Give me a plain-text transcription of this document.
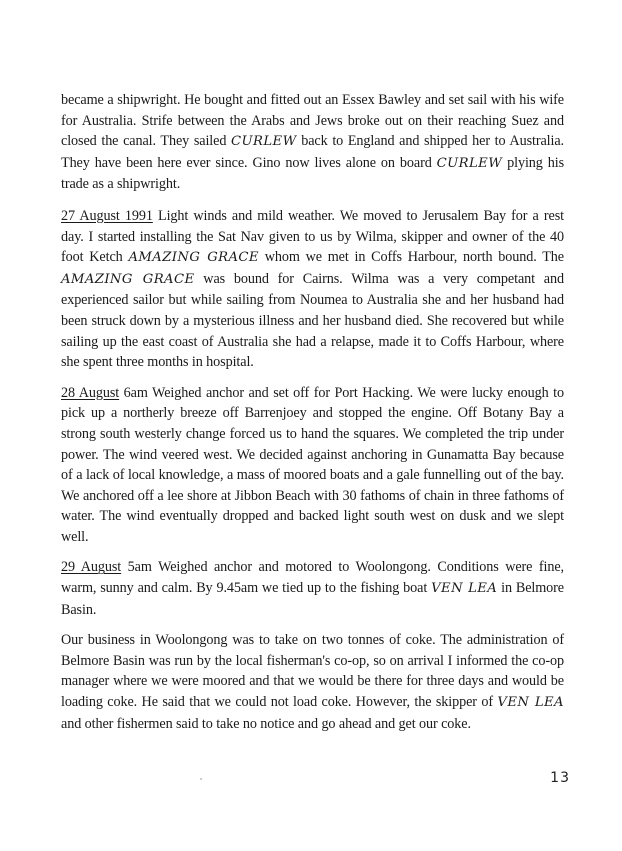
became a shipwright. He bought and fitted out an Essex Bawley and set sail with his wife for Australia. Strife between the Arabs and Jews broke out on their reaching Suez and closed the canal. They sailed CURLEW back to England and shipped her to Australia. They have been here ever since. Gino now lives alone on board CURLEW plying his trade as a shipwright.

27 August 1991 Light winds and mild weather. We moved to Jerusalem Bay for a rest day. I started installing the Sat Nav given to us by Wilma, skipper and owner of the 40 foot Ketch AMAZING GRACE whom we met in Coffs Harbour, north bound. The AMAZING GRACE was bound for Cairns. Wilma was a very competant and experienced sailor but while sailing from Noumea to Australia she and her husband had been struck down by a mysterious illness and her husband died. She recovered but while sailing up the east coast of Australia she had a relapse, made it to Coffs Harbour, where she spent three months in hospital.

28 August 6am Weighed anchor and set off for Port Hacking. We were lucky enough to pick up a northerly breeze off Barrenjoey and stopped the engine. Off Botany Bay a strong south westerly change forced us to hand the squares. We completed the trip under power. The wind veered west. We decided against anchoring in Gunamatta Bay because of a lack of local knowledge, a mass of moored boats and a gale funnelling out of the bay. We anchored off a lee shore at Jibbon Beach with 30 fathoms of chain in three fathoms of water. The wind eventually dropped and backed light south west on dusk and we slept well.

29 August 5am Weighed anchor and motored to Woolongong. Conditions were fine, warm, sunny and calm. By 9.45am we tied up to the fishing boat VEN LEA in Belmore Basin.

Our business in Woolongong was to take on two tonnes of coke. The administration of Belmore Basin was run by the local fisherman's co-op, so on arrival I informed the co-op manager where we were moored and that we would be there for three days and would be loading coke. He said that we could not load coke. However, the skipper of VEN LEA and other fishermen said to take no notice and go ahead and get our coke.

13
